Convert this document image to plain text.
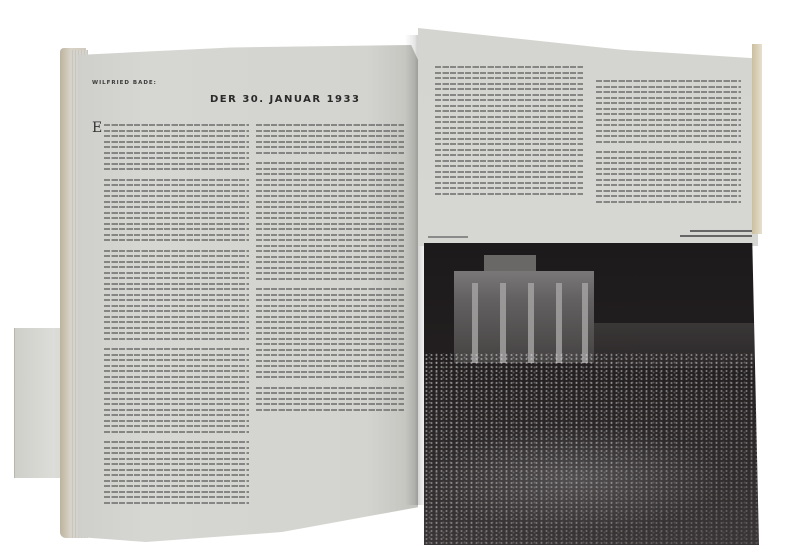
WILFRIED BADE:
DER 30. JANUAR 1933
E
